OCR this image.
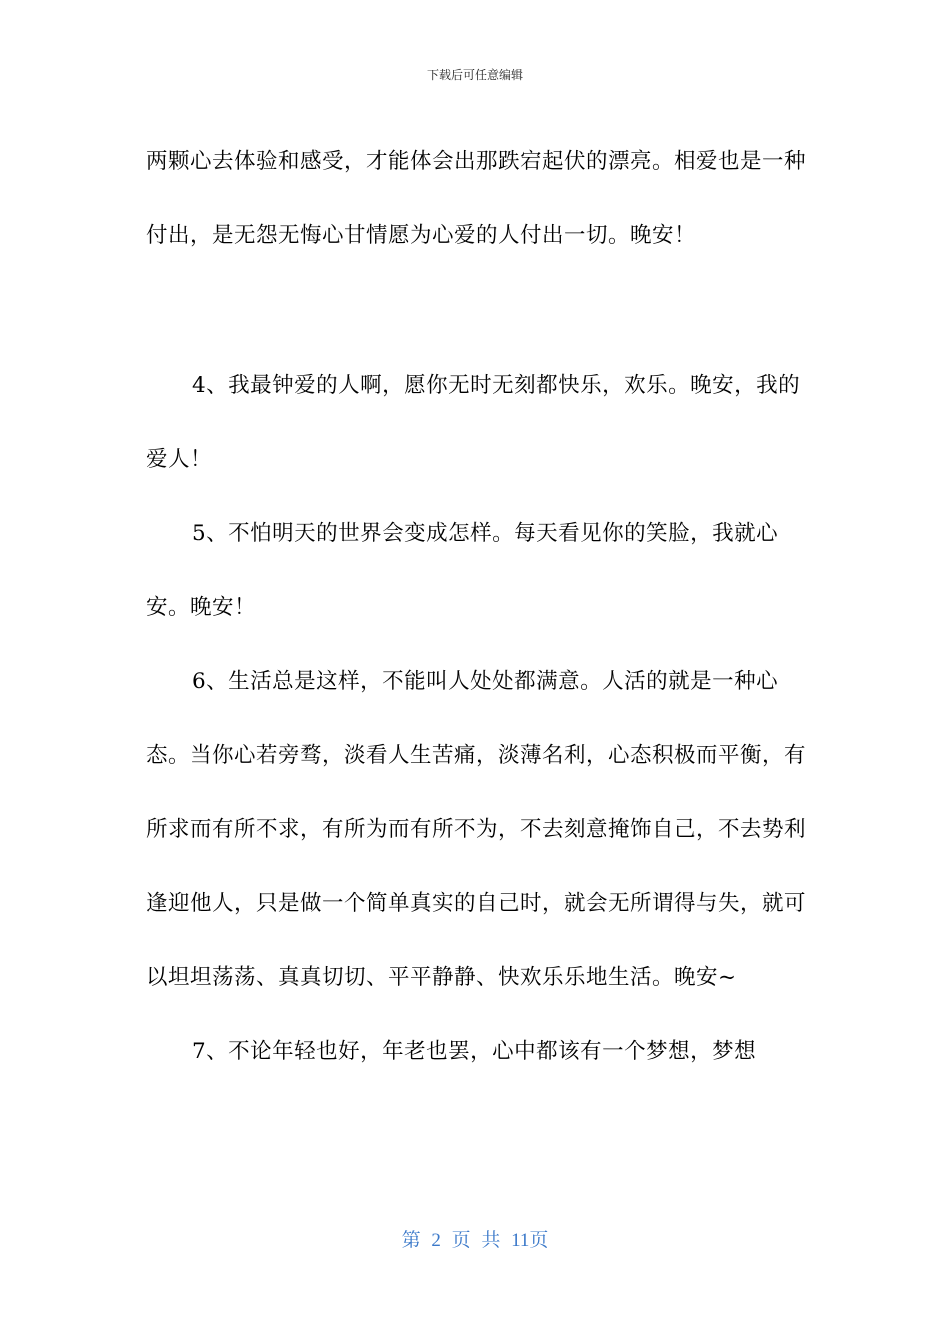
下载后可任意编辑

两颗心去体验和感受，才能体会出那跌宕起伏的漂亮。相爱也是一种付出，是无怨无悔心甘情愿为心爱的人付出一切。晚安！

4、我最钟爱的人啊，愿你无时无刻都快乐，欢乐。晚安，我的爱人！

5、不怕明天的世界会变成怎样。每天看见你的笑脸，我就心安。晚安！

6、生活总是这样，不能叫人处处都满意。人活的就是一种心态。当你心若旁骛，淡看人生苦痛，淡薄名利，心态积极而平衡，有所求而有所不求，有所为而有所不为，不去刻意掩饰自己，不去势利逢迎他人，只是做一个简单真实的自己时，就会无所谓得与失，就可以坦坦荡荡、真真切切、平平静静、快欢乐乐地生活。晚安~

7、不论年轻也好，年老也罢，心中都该有一个梦想，梦想

第 2 页 共 11页
